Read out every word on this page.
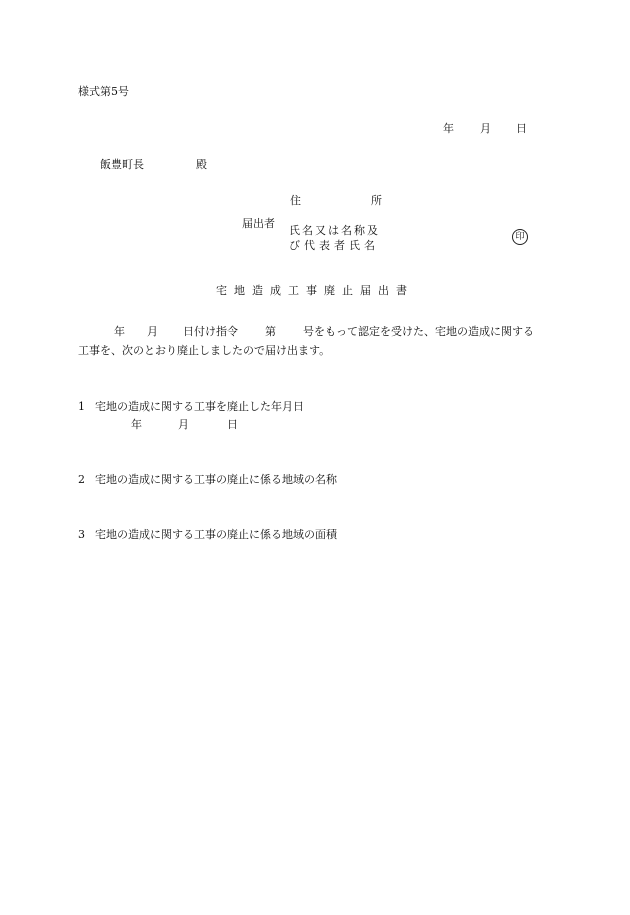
様式第5号
年 月 日
飯豊町長	殿
住	所
届出者
氏名又は名称及
び代表者氏名
印
宅地造成工事廃止届出書
年 月 日付け指令 第 号をもって認定を受けた、宅地の造成に関する
工事を、次のとおり廃止しましたので届け出ます。
1 宅地の造成に関する工事を廃止した年月日
年	月	日
2 宅地の造成に関する工事の廃止に係る地域の名称
3 宅地の造成に関する工事の廃止に係る地域の面積
